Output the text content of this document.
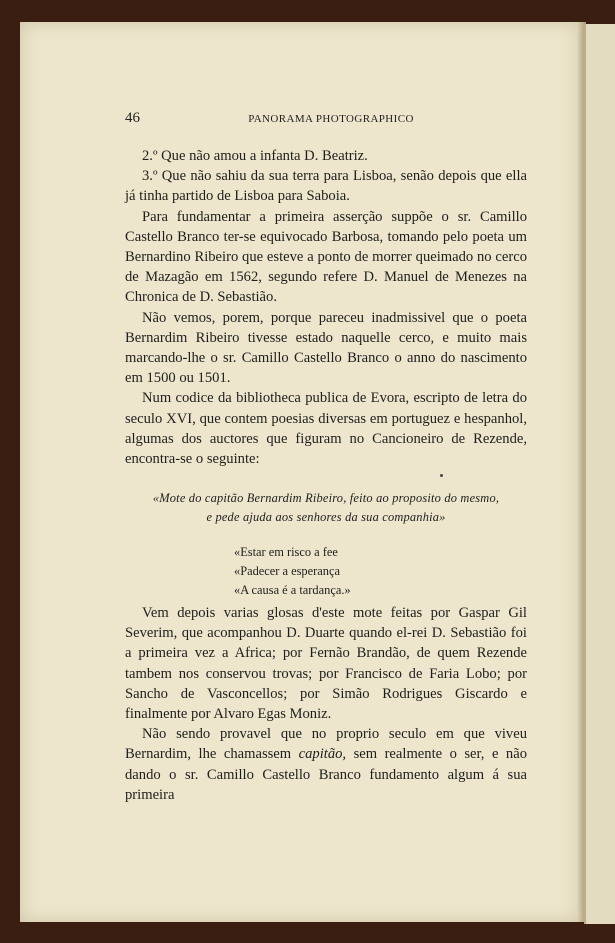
46	PANORAMA PHOTOGRAPHICO

2.º Que não amou a infanta D. Beatriz.

3.º Que não sahiu da sua terra para Lisboa, senão depois que ella já tinha partido de Lisboa para Saboia.

Para fundamentar a primeira asserção suppõe o sr. Camillo Castello Branco ter-se equivocado Barbosa, tomando pelo poeta um Bernardino Ribeiro que esteve a ponto de morrer queimado no cerco de Mazagão em 1562, segundo refere D. Manuel de Menezes na Chronica de D. Sebastião.

Não vemos, porem, porque pareceu inadmissivel que o poeta Bernardim Ribeiro tivesse estado naquelle cerco, e muito mais marcando-lhe o sr. Camillo Castello Branco o anno do nascimento em 1500 ou 1501.

Num codice da bibliotheca publica de Evora, escripto de letra do seculo XVI, que contem poesias diversas em portuguez e hespanhol, algumas dos auctores que figuram no Cancioneiro de Rezende, encontra-se o seguinte:

«Mote do capitão Bernardim Ribeiro, feito ao proposito do mesmo,
e pede ajuda aos senhores da sua companhia»
«Estar em risco a fee
«Padecer a esperança
«A causa é a tardança.»

Vem depois varias glosas d'este mote feitas por Gaspar Gil Severim, que acompanhou D. Duarte quando el-rei D. Sebastião foi a primeira vez a Africa; por Fernão Brandão, de quem Rezende tambem nos conservou trovas; por Francisco de Faria Lobo; por Sancho de Vasconcellos; por Simão Rodrigues Giscardo e finalmente por Alvaro Egas Moniz.

Não sendo provavel que no proprio seculo em que viveu Bernardim, lhe chamassem capitão, sem realmente o ser, e não dando o sr. Camillo Castello Branco fundamento algum á sua primeira
